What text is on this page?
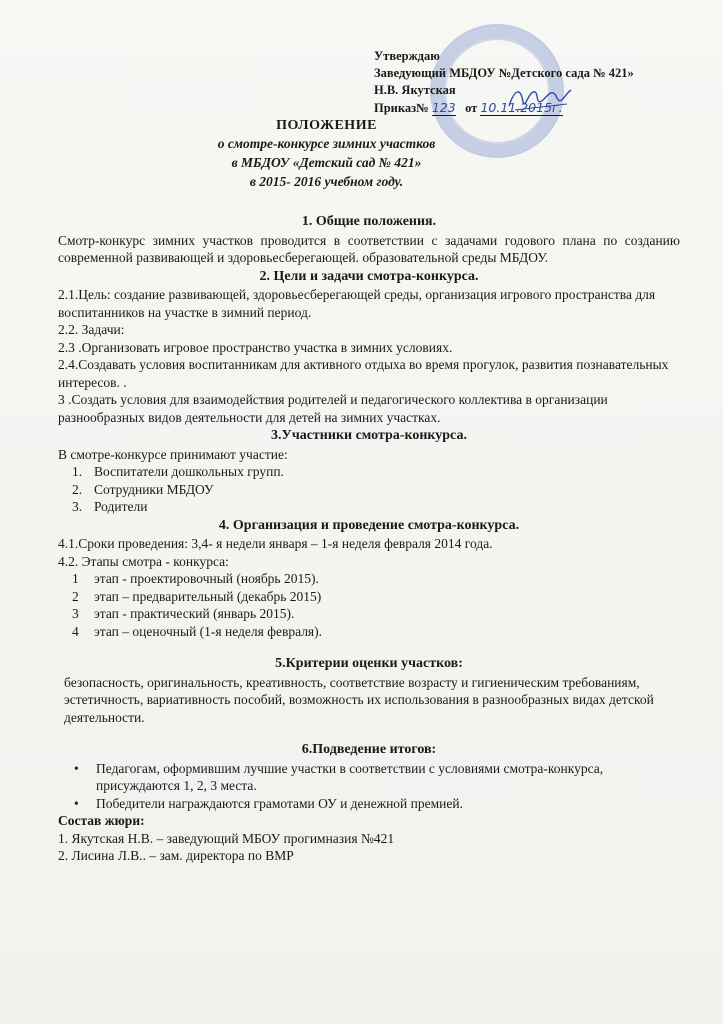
Утверждаю
Заведующий МБДОУ №Детского сада № 421»
Н.В. Якутская
Приказ№ 123 от 10.11.2015г.
ПОЛОЖЕНИЕ
о смотре-конкурсе зимних участков
в МБДОУ «Детский сад № 421»
в 2015- 2016 учебном году.
1. Общие положения.

Смотр-конкурс зимних участков проводится в соответствии с задачами годового плана по созданию современной развивающей и здоровьесберегающей. образовательной среды МБДОУ.

2. Цели и задачи смотра-конкурса.

2.1.Цель: создание развивающей, здоровьесберегающей среды, организация игрового пространства для воспитанников на участке в зимний период.

2.2. Задачи:

2.3 .Организовать игровое пространство участка в зимних условиях.

2.4.Создавать условия воспитанникам для активного отдыха во время прогулок, развития познавательных интересов. .

3 .Создать условия для взаимодействия родителей и педагогического коллектива в организации разнообразных видов деятельности для детей на зимних участках.

3.Участники смотра-конкурса.

В смотре-конкурсе принимают участие:

1. Воспитатели дошкольных групп.
2. Сотрудники МБДОУ
3. Родители
4. Организация и проведение смотра-конкурса.

4.1.Сроки проведения: 3,4- я недели января – 1-я неделя февраля 2014 года.

4.2. Этапы смотра - конкурса:

1	этап - проектировочный (ноябрь 2015).
2	этап – предварительный (декабрь 2015)
3	этап - практический (январь 2015).
4	этап – оценочный (1-я неделя февраля).
5.Критерии оценки участков:

безопасность, оригинальность, креативность, соответствие возрасту и гигиеническим требованиям, эстетичность, вариативность пособий, возможность их использования в разнообразных видах детской деятельности.

6.Подведение итогов:
•	Педагогам, оформившим лучшие участки в соответствии с условиями смотра-конкурса, присуждаются 1, 2, 3 места.
•	Победители награждаются грамотами ОУ и денежной премией.
Состав жюри:

1. Якутская Н.В. – заведующий МБОУ прогимназия №421

2. Лисина Л.В.. – зам. директора по ВМР
